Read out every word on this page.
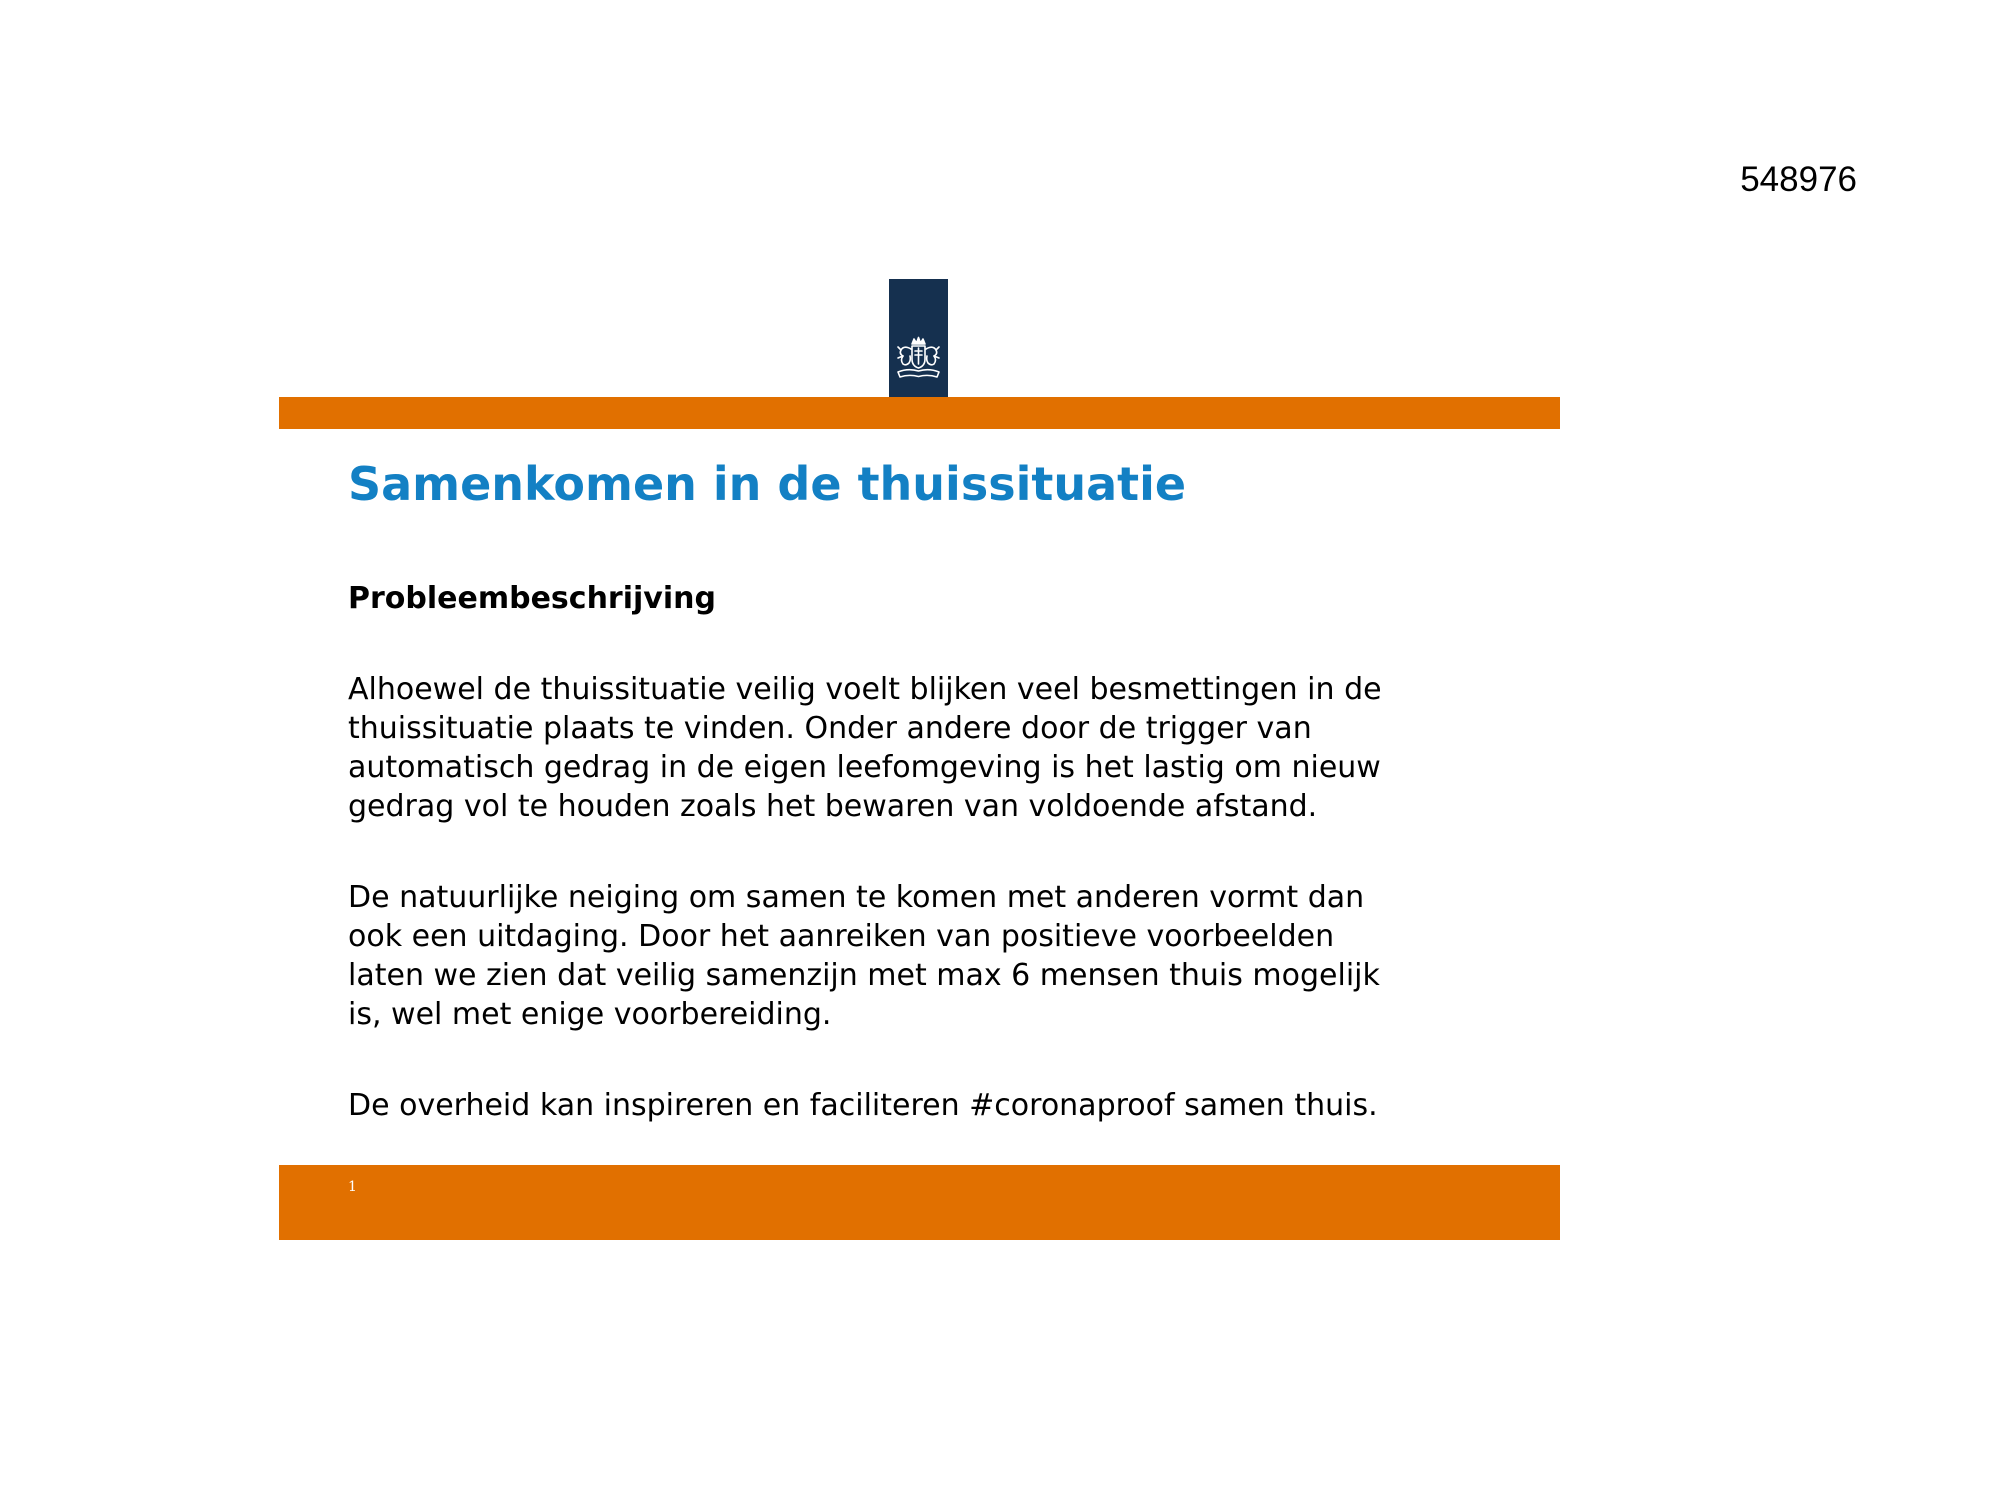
548976
Samenkomen in de thuissituatie
Probleembeschrijving

Alhoewel de thuissituatie veilig voelt blijken veel besmettingen in de
thuissituatie plaats te vinden. Onder andere door de trigger van
automatisch gedrag in de eigen leefomgeving is het lastig om nieuw
gedrag vol te houden zoals het bewaren van voldoende afstand.

De natuurlijke neiging om samen te komen met anderen vormt dan
ook een uitdaging. Door het aanreiken van positieve voorbeelden
laten we zien dat veilig samenzijn met max 6 mensen thuis mogelijk
is, wel met enige voorbereiding.

De overheid kan inspireren en faciliteren #coronaproof samen thuis.

1
